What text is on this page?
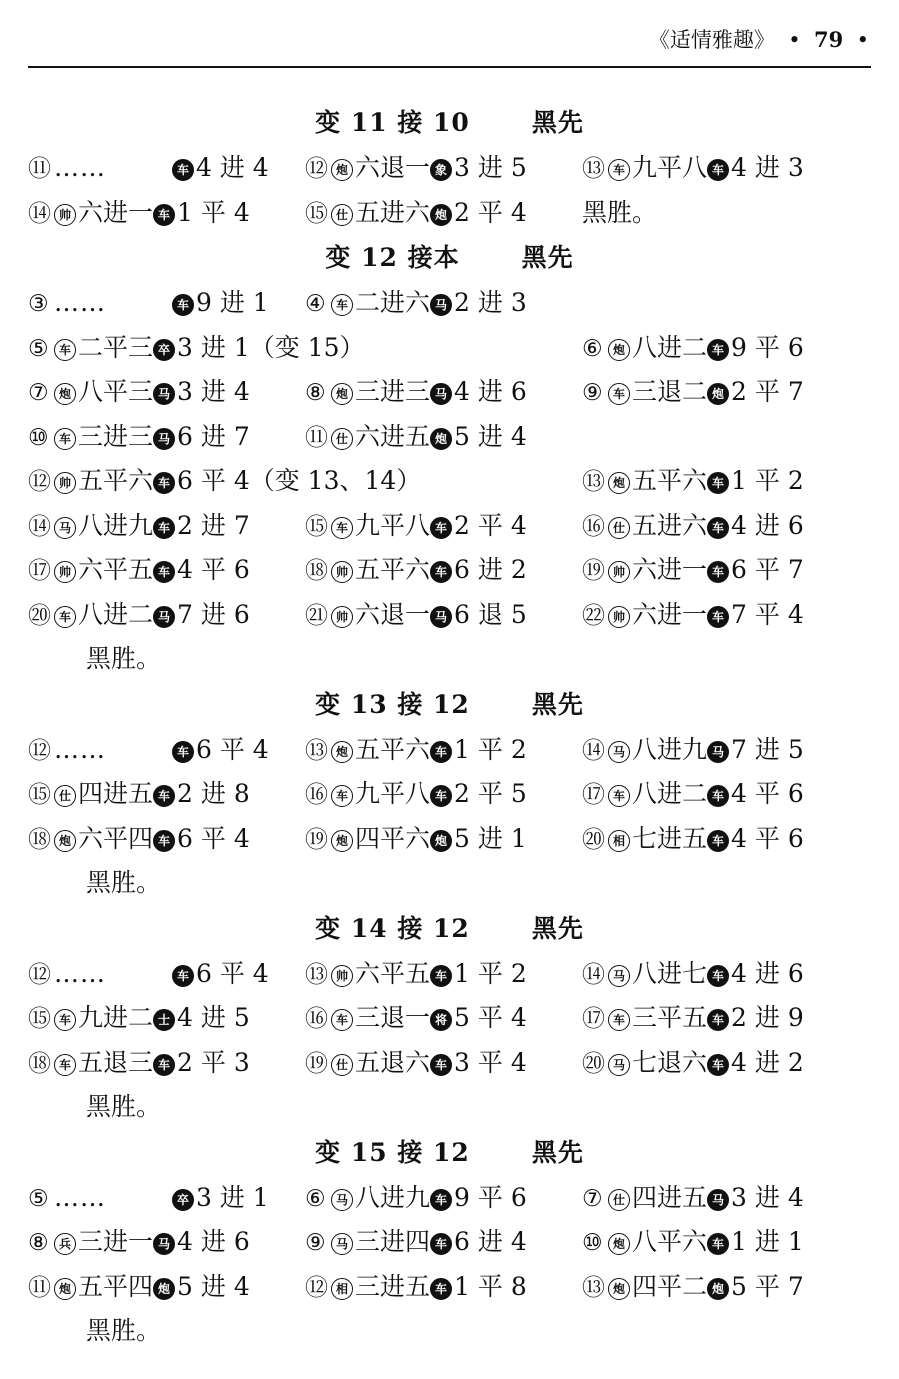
《适情雅趣》  •  79  •
变 11 接 10 黑先
⑪ ……	车 4 进 4 ⑫ 炮 六退一 象 3 进 5 ⑬ 车 九平八 车 4 进 3
⑭ 帅 六进一 车 1 平 4 ⑮ 仕 五进六 炮 2 平 4 黑胜。
变 12 接本 黑先
③ ……	车 9 进 1 ④ 车 二进六 马 2 进 3
⑤ 车 二平三 卒 3 进 1（变 15）	⑥ 炮 八进二 车 9 平 6
⑦ 炮 八平三 马 3 进 4 ⑧ 炮 三进三 马 4 进 6 ⑨ 车 三退二 炮 2 平 7
⑩ 车 三进三 马 6 进 7 ⑪ 仕 六进五 炮 5 进 4
⑫ 帅 五平六 车 6 平 4（变 13、14）	⑬ 炮 五平六 车 1 平 2
⑭ 马 八进九 车 2 进 7 ⑮ 车 九平八 车 2 平 4 ⑯ 仕 五进六 车 4 进 6
⑰ 帅 六平五 车 4 平 6 ⑱ 帅 五平六 车 6 进 2 ⑲ 帅 六进一 车 6 平 7
⑳ 车 八进二 马 7 进 6 ㉑ 帅 六退一 马 6 退 5 ㉒ 帅 六进一 车 7 平 4
黑胜。
变 13 接 12 黑先
⑫ ……	车 6 平 4 ⑬ 炮 五平六 车 1 平 2 ⑭ 马 八进九 马 7 进 5
⑮ 仕 四进五 车 2 进 8 ⑯ 车 九平八 车 2 平 5 ⑰ 车 八进二 车 4 平 6
⑱ 炮 六平四 车 6 平 4 ⑲ 炮 四平六 炮 5 进 1 ⑳ 相 七进五 车 4 平 6
黑胜。
变 14 接 12 黑先
⑫ ……	车 6 平 4 ⑬ 帅 六平五 车 1 平 2 ⑭ 马 八进七 车 4 进 6
⑮ 车 九进二 士 4 进 5 ⑯ 车 三退一 将 5 平 4 ⑰ 车 三平五 车 2 进 9
⑱ 车 五退三 车 2 平 3 ⑲ 仕 五退六 车 3 平 4 ⑳ 马 七退六 车 4 进 2
黑胜。
变 15 接 12 黑先
⑤ ……	卒 3 进 1 ⑥ 马 八进九 车 9 平 6 ⑦ 仕 四进五 马 3 进 4
⑧ 兵 三进一 马 4 进 6 ⑨ 马 三进四 车 6 进 4 ⑩ 炮 八平六 车 1 进 1
⑪ 炮 五平四 炮 5 进 4 ⑫ 相 三进五 车 1 平 8 ⑬ 炮 四平二 炮 5 平 7
黑胜。
